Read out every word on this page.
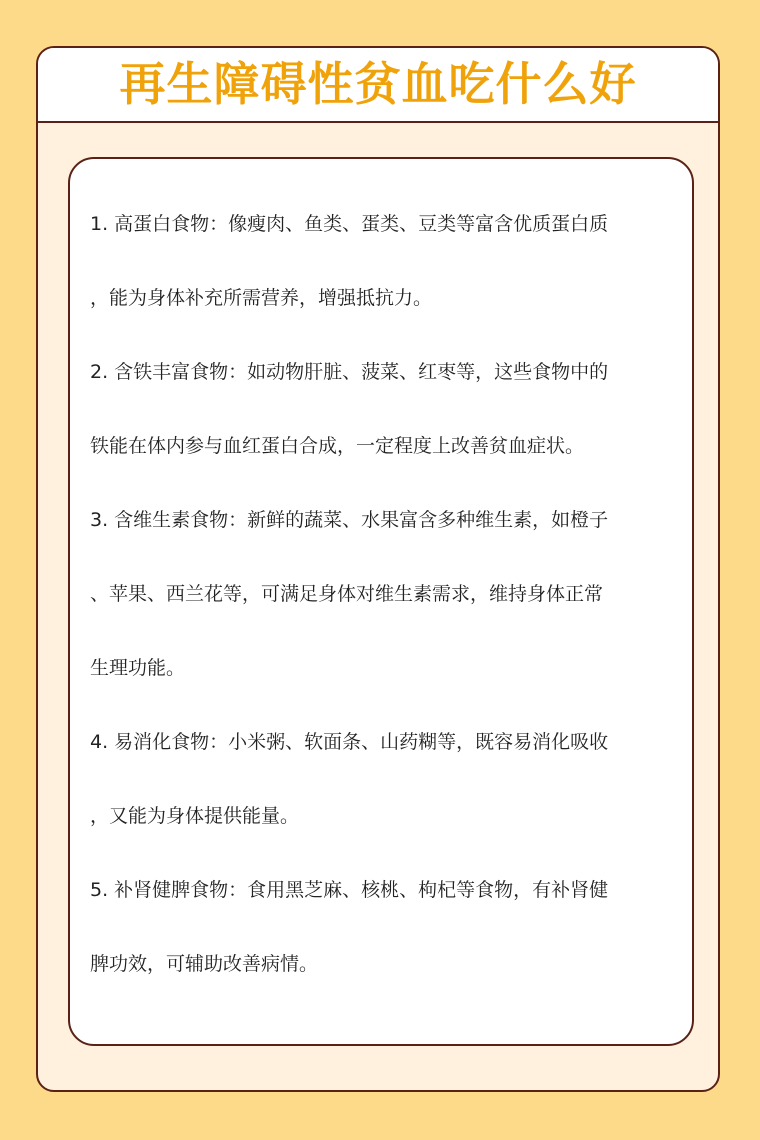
再生障碍性贫血吃什么好

1. 高蛋白食物：像瘦肉、鱼类、蛋类、豆类等富含优质蛋白质

，能为身体补充所需营养，增强抵抗力。

2. 含铁丰富食物：如动物肝脏、菠菜、红枣等，这些食物中的

铁能在体内参与血红蛋白合成，一定程度上改善贫血症状。

3. 含维生素食物：新鲜的蔬菜、水果富含多种维生素，如橙子

、苹果、西兰花等，可满足身体对维生素需求，维持身体正常

生理功能。

4. 易消化食物：小米粥、软面条、山药糊等，既容易消化吸收

，又能为身体提供能量。

5. 补肾健脾食物：食用黑芝麻、核桃、枸杞等食物，有补肾健

脾功效，可辅助改善病情。
